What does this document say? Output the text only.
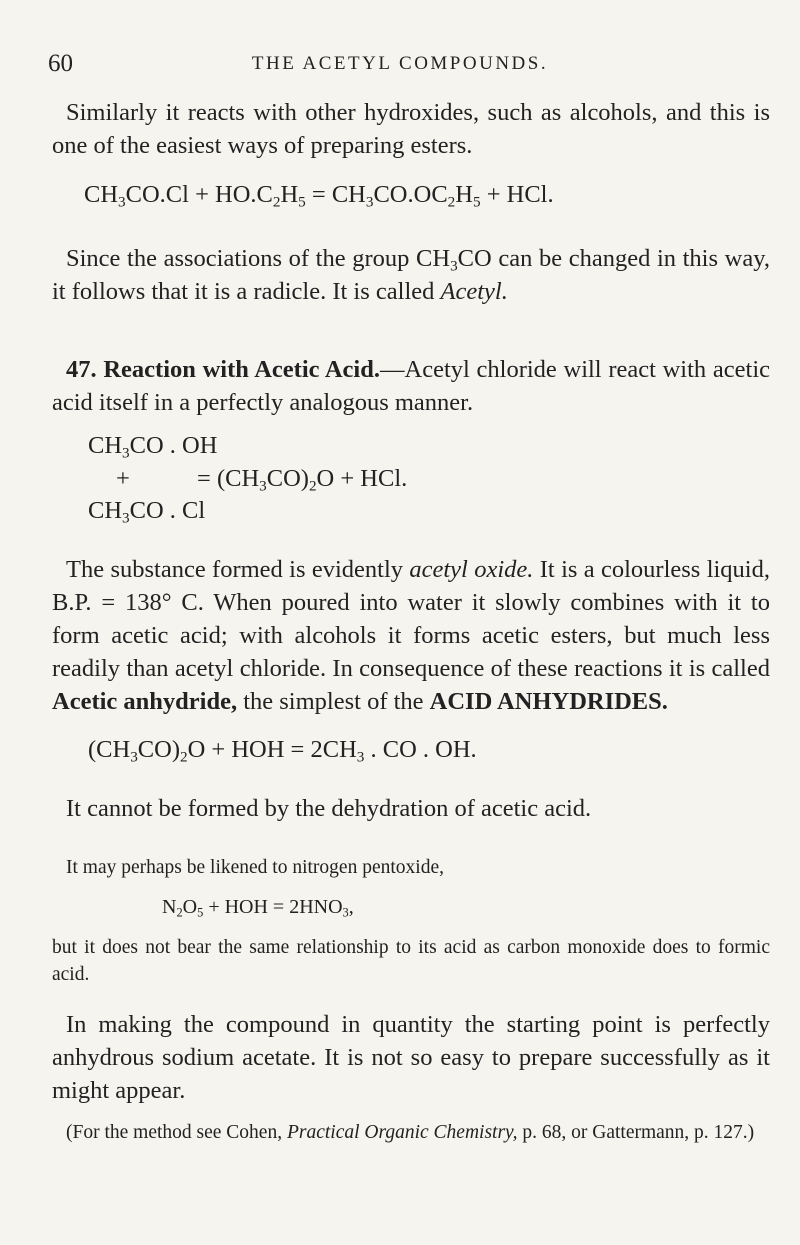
60	THE ACETYL COMPOUNDS.

Similarly it reacts with other hydroxides, such as alcohols, and this is one of the easiest ways of preparing esters.

$CH_3CO.Cl + HO.C_2H_5 = CH_3CO.OC_2H_5$ + HCl.

Since the associations of the group $CH_3CO$ can be changed in this way, it follows that it is a radicle. It is called Acetyl.

47. Reaction with Acetic Acid.—Acetyl chloride will react with acetic acid itself in a perfectly analogous manner.

$CH_3CO$ . OH
+	= $(CH_3CO)_2O$ + HCl.
$CH_3CO$ . Cl

The substance formed is evidently acetyl oxide. It is a colourless liquid, B.P. = 138° C. When poured into water it slowly combines with it to form acetic acid; with alcohols it forms acetic esters, but much less readily than acetyl chloride. In consequence of these reactions it is called Acetic anhydride, the simplest of the ACID ANHYDRIDES.

$(CH_3CO)_2O$ + HOH = $2CH_3$ . CO . OH.

It cannot be formed by the dehydration of acetic acid.

It may perhaps be likened to nitrogen pentoxide,

$N_2O_5$ + HOH = $2HNO_3$,

but it does not bear the same relationship to its acid as carbon monoxide does to formic acid.

In making the compound in quantity the starting point is perfectly anhydrous sodium acetate. It is not so easy to prepare successfully as it might appear.

(For the method see Cohen, Practical Organic Chemistry, p. 68, or Gattermann, p. 127.)
